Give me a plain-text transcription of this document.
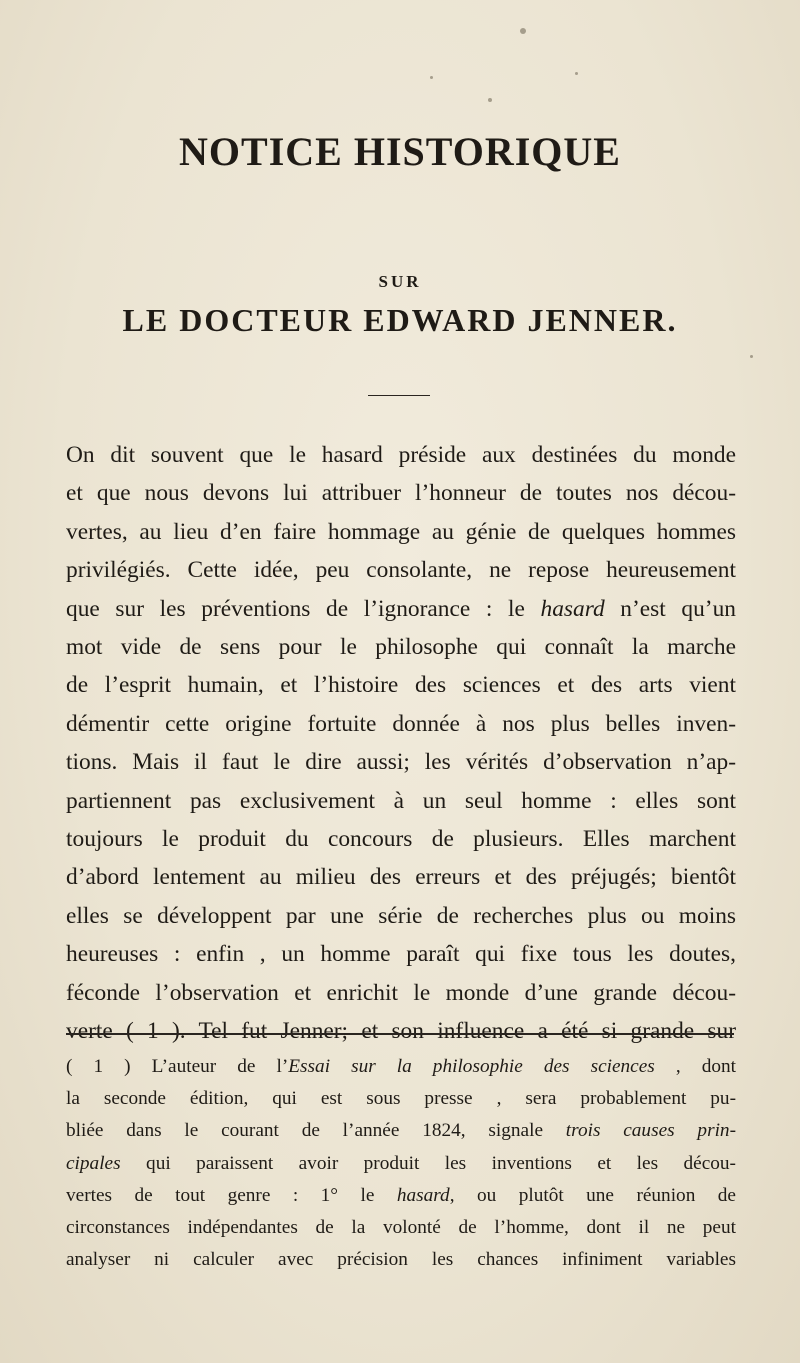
NOTICE HISTORIQUE
SUR
LE DOCTEUR EDWARD JENNER.
On dit souvent que le hasard préside aux destinées du monde
et que nous devons lui attribuer l’honneur de toutes nos décou-
vertes, au lieu d’en faire hommage au génie de quelques hommes
privilégiés. Cette idée, peu consolante, ne repose heureusement
que sur les préventions de l’ignorance : le hasard n’est qu’un
mot vide de sens pour le philosophe qui connaît la marche
de l’esprit humain, et l’histoire des sciences et des arts vient
démentir cette origine fortuite donnée à nos plus belles inven-
tions. Mais il faut le dire aussi; les vérités d’observation n’ap-
partiennent pas exclusivement à un seul homme : elles sont
toujours le produit du concours de plusieurs. Elles marchent
d’abord lentement au milieu des erreurs et des préjugés; bientôt
elles se développent par une série de recherches plus ou moins
heureuses : enfin , un homme paraît qui fixe tous les doutes,
féconde l’observation et enrichit le monde d’une grande décou-
verte ( 1 ). Tel fut Jenner; et son influence a été si grande sur
( 1 ) L’auteur de l’Essai sur la philosophie des sciences , dont
la seconde édition, qui est sous presse , sera probablement pu-
bliée dans le courant de l’année 1824, signale trois causes prin-
cipales qui paraissent avoir produit les inventions et les décou-
vertes de tout genre : 1° le hasard, ou plutôt une réunion de
circonstances indépendantes de la volonté de l’homme, dont il ne peut
analyser ni calculer avec précision les chances infiniment variables
